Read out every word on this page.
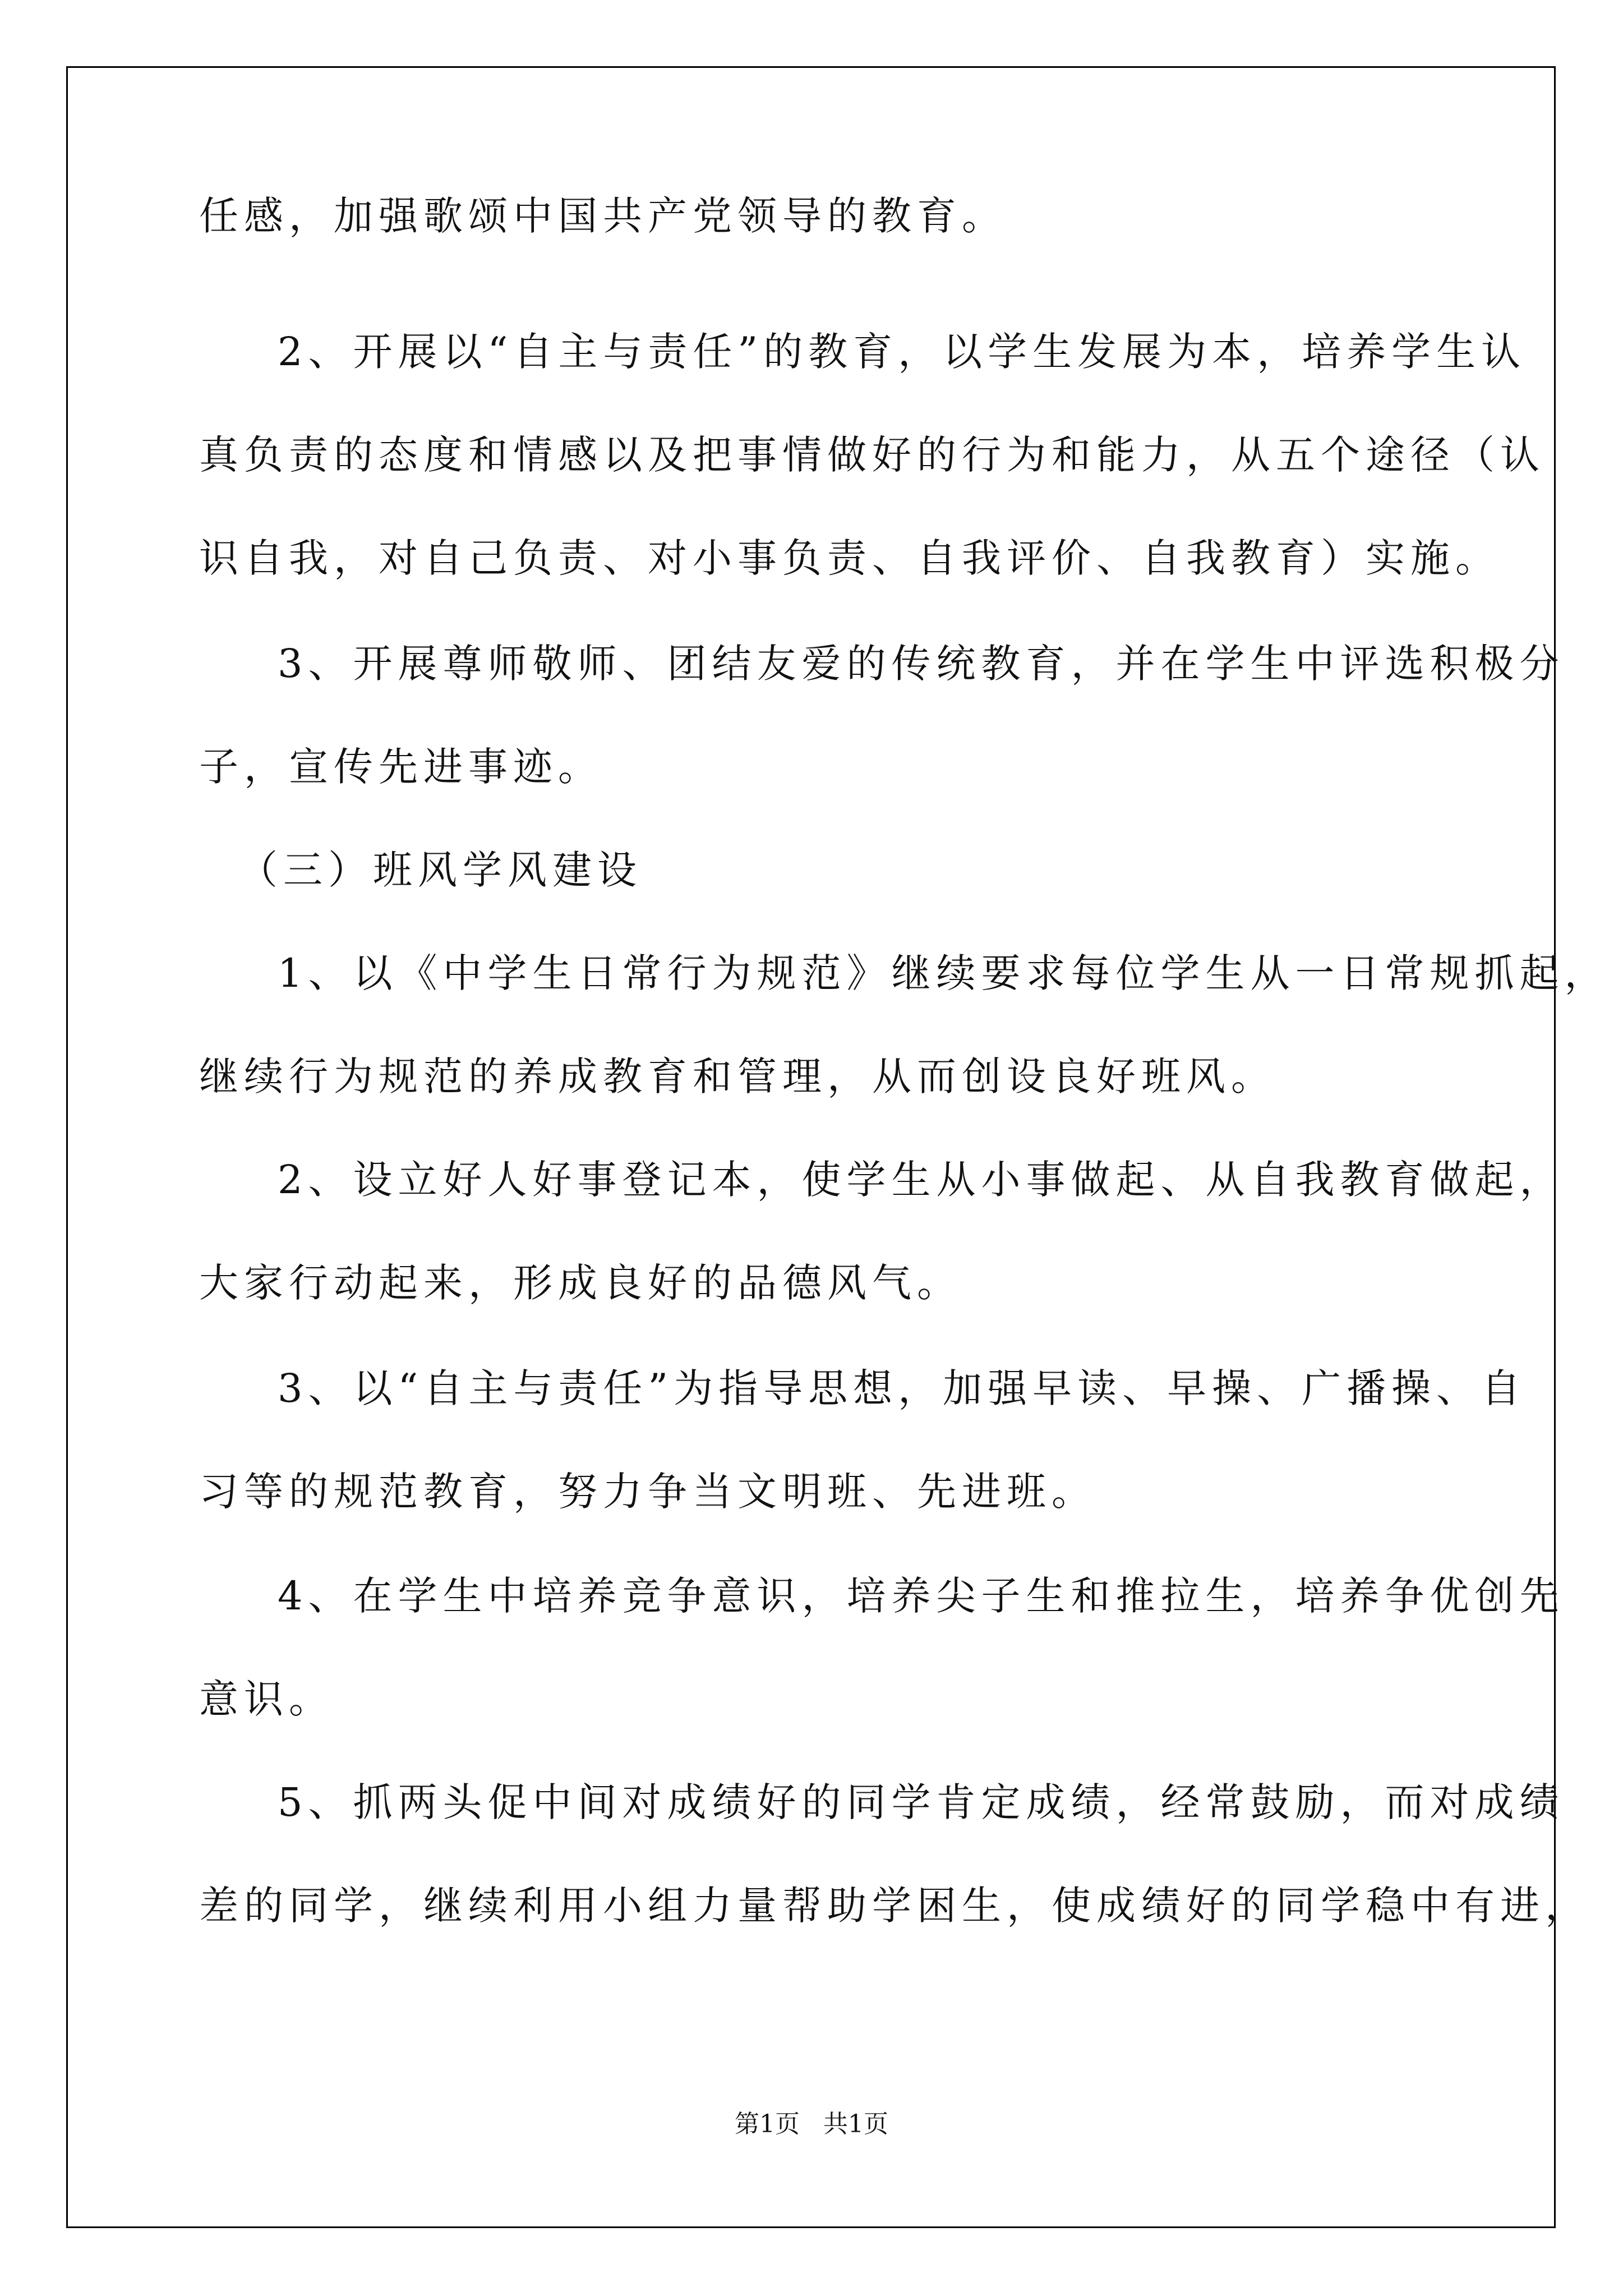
任感，加强歌颂中国共产党领导的教育。
2、开展以“自主与责任”的教育，以学生发展为本，培养学生认
真负责的态度和情感以及把事情做好的行为和能力，从五个途径（认
识自我，对自己负责、对小事负责、自我评价、自我教育）实施。
3、开展尊师敬师、团结友爱的传统教育，并在学生中评选积极分
子，宣传先进事迹。
（三）班风学风建设
1、以《中学生日常行为规范》继续要求每位学生从一日常规抓起，
继续行为规范的养成教育和管理，从而创设良好班风。
2、设立好人好事登记本，使学生从小事做起、从自我教育做起，
大家行动起来，形成良好的品德风气。
3、以“自主与责任”为指导思想，加强早读、早操、广播操、自
习等的规范教育，努力争当文明班、先进班。
4、在学生中培养竞争意识，培养尖子生和推拉生，培养争优创先
意识。
5、抓两头促中间对成绩好的同学肯定成绩，经常鼓励，而对成绩
差的同学，继续利用小组力量帮助学困生，使成绩好的同学稳中有进，
第1页 共1页
